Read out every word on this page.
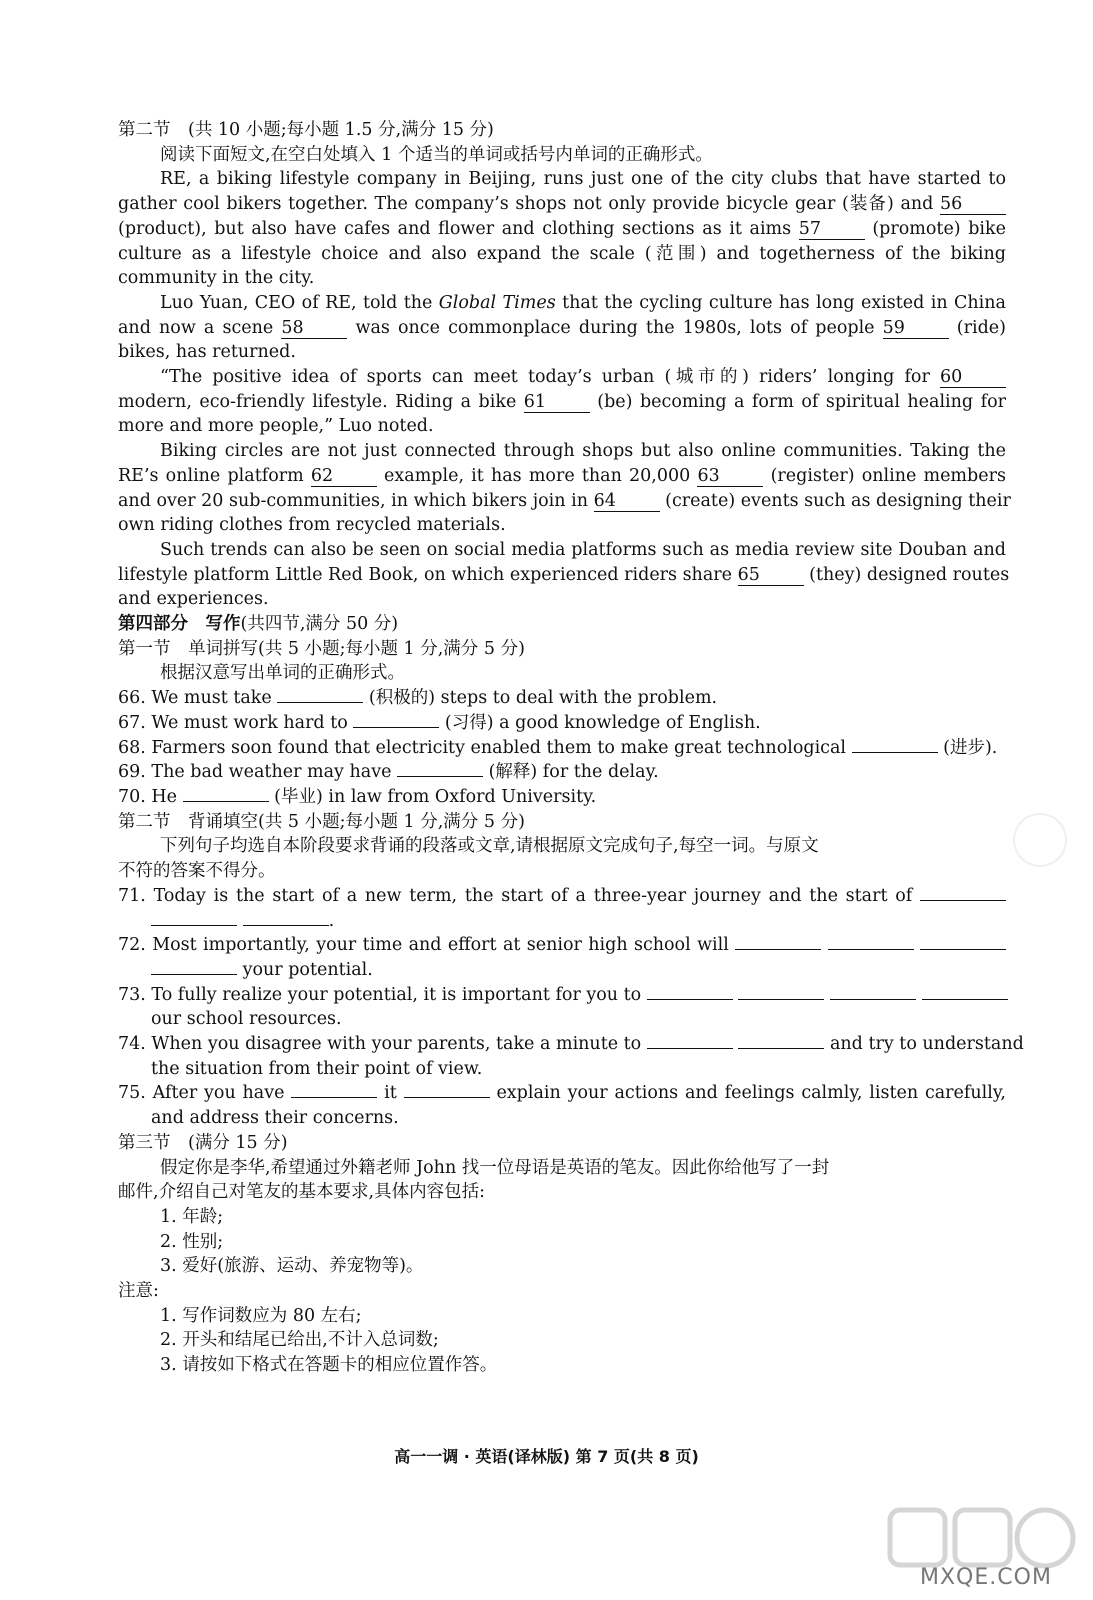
第二节　(共 10 小题;每小题 1.5 分,满分 15 分)

阅读下面短文,在空白处填入 1 个适当的单词或括号内单词的正确形式。

RE, a biking lifestyle company in Beijing, runs just one of the city clubs that have started to

gather cool bikers together. The company’s shops not only provide bicycle gear (装备) and 56

(product), but also have cafes and flower and clothing sections as it aims 57	(promote) bike

culture as a lifestyle choice and also expand the scale (范围) and togetherness of the biking

community in the city.

Luo Yuan, CEO of RE, told the Global Times that the cycling culture has long existed in China

and now a scene 58	was once commonplace during the 1980s, lots of people 59	(ride)

bikes, has returned.

“The positive idea of sports can meet today’s urban (城市的) riders’ longing for 60

modern, eco-friendly lifestyle. Riding a bike 61	(be) becoming a form of spiritual healing for

more and more people,” Luo noted.

Biking circles are not just connected through shops but also online communities. Taking the

RE’s online platform 62	example, it has more than 20,000 63	(register) online members

and over 20 sub-communities, in which bikers join in 64	(create) events such as designing their

own riding clothes from recycled materials.

Such trends can also be seen on social media platforms such as media review site Douban and

lifestyle platform Little Red Book, on which experienced riders share 65	(they) designed routes

and experiences.

第四部分　写作(共四节,满分 50 分)

第一节　单词拼写(共 5 小题;每小题 1 分,满分 5 分)

根据汉意写出单词的正确形式。

66. We must take	(积极的) steps to deal with the problem.

67. We must work hard to	(习得) a good knowledge of English.

68. Farmers soon found that electricity enabled them to make great technological	(进步).

69. The bad weather may have	(解释) for the delay.

70. He	(毕业) in law from Oxford University.

第二节　背诵填空(共 5 小题;每小题 1 分,满分 5 分)

下列句子均选自本阶段要求背诵的段落或文章,请根据原文完成句子,每空一词。与原文

不符的答案不得分。

71. Today is the start of a new term, the start of a three-year journey and the start of

.

72. Most importantly, your time and effort at senior high school will

your potential.

73. To fully realize your potential, it is important for you to

our school resources.

74. When you disagree with your parents, take a minute to	and try to understand

the situation from their point of view.

75. After you have	it	explain your actions and feelings calmly, listen carefully,

and address their concerns.

第三节　(满分 15 分)

假定你是李华,希望通过外籍老师 John 找一位母语是英语的笔友。因此你给他写了一封

邮件,介绍自己对笔友的基本要求,具体内容包括:

1. 年龄;

2. 性别;

3. 爱好(旅游、运动、养宠物等)。

注意:

1. 写作词数应为 80 左右;

2. 开头和结尾已给出,不计入总词数;

3. 请按如下格式在答题卡的相应位置作答。

高一一调 · 英语(译林版) 第 7 页(共 8 页)
MXQE.COM
